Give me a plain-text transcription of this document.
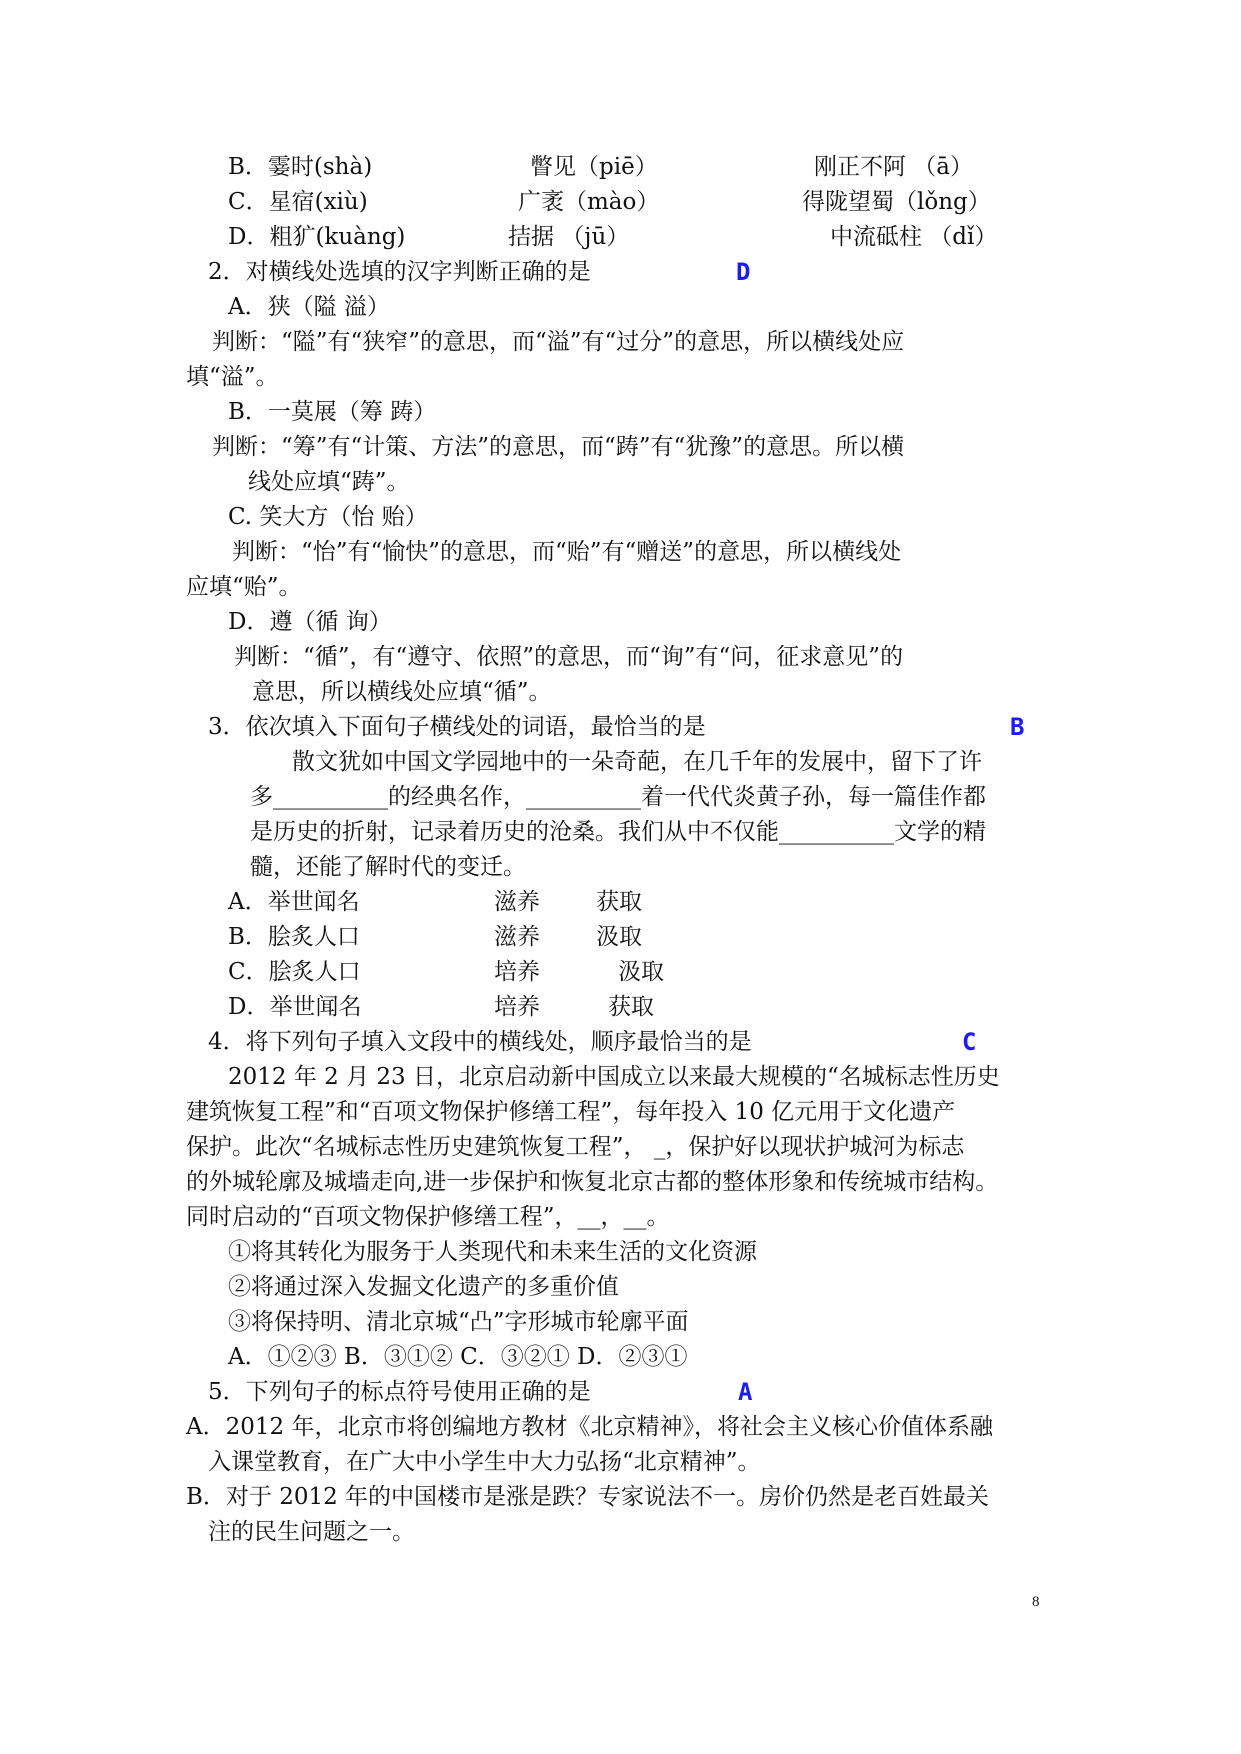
B．霎时(shà)	瞥见（piē）	刚正不阿 （ā）
C．星宿(xiù)	广袤（mào）	得陇望蜀（lǒng）
D．粗犷(kuàng)	拮据 （jū）	中流砥柱 （dǐ）
2．对横线处选填的汉字判断正确的是	D
A．狭（隘 溢）
判断：“隘”有“狭窄”的意思，而“溢”有“过分”的意思，所以横线处应
填“溢”。
B．一莫展（筹 踌）
判断：“筹”有“计策、方法”的意思，而“踌”有“犹豫”的意思。所以横
线处应填“踌”。
C. 笑大方（怡 贻）
判断：“怡”有“愉快”的意思，而“贻”有“赠送”的意思，所以横线处
应填“贻”。
D．遵（循 询）
判断：“循”，有“遵守、依照”的意思，而“询”有“问，征求意见”的
意思，所以横线处应填“循”。
3．依次填入下面句子横线处的词语，最恰当的是	B
散文犹如中国文学园地中的一朵奇葩，在几千年的发展中，留下了许
多__________的经典名作，__________着一代代炎黄子孙，每一篇佳作都
是历史的折射，记录着历史的沧桑。我们从中不仅能__________文学的精
髓，还能了解时代的变迁。
A．举世闻名	滋养 获取
B．脍炙人口	滋养 汲取
C．脍炙人口	培养	汲取
D．举世闻名	培养	获取
4．将下列句子填入文段中的横线处，顺序最恰当的是	C
2012 年 2 月 23 日，北京启动新中国成立以来最大规模的“名城标志性历史
建筑恢复工程”和“百项文物保护修缮工程”，每年投入 10 亿元用于文化遗产
保护。此次“名城标志性历史建筑恢复工程”， _，保护好以现状护城河为标志
的外城轮廓及城墙走向,进一步保护和恢复北京古都的整体形象和传统城市结构。
同时启动的“百项文物保护修缮工程”，__，__。
①将其转化为服务于人类现代和未来生活的文化资源
②将通过深入发掘文化遗产的多重价值
③将保持明、清北京城“凸”字形城市轮廓平面
A．①②③ B．③①② C．③②① D．②③①
5．下列句子的标点符号使用正确的是	A
A．2012 年，北京市将创编地方教材《北京精神》，将社会主义核心价值体系融
入课堂教育，在广大中小学生中大力弘扬“北京精神”。
B．对于 2012 年的中国楼市是涨是跌？专家说法不一。房价仍然是老百姓最关
注的民生问题之一。
8
